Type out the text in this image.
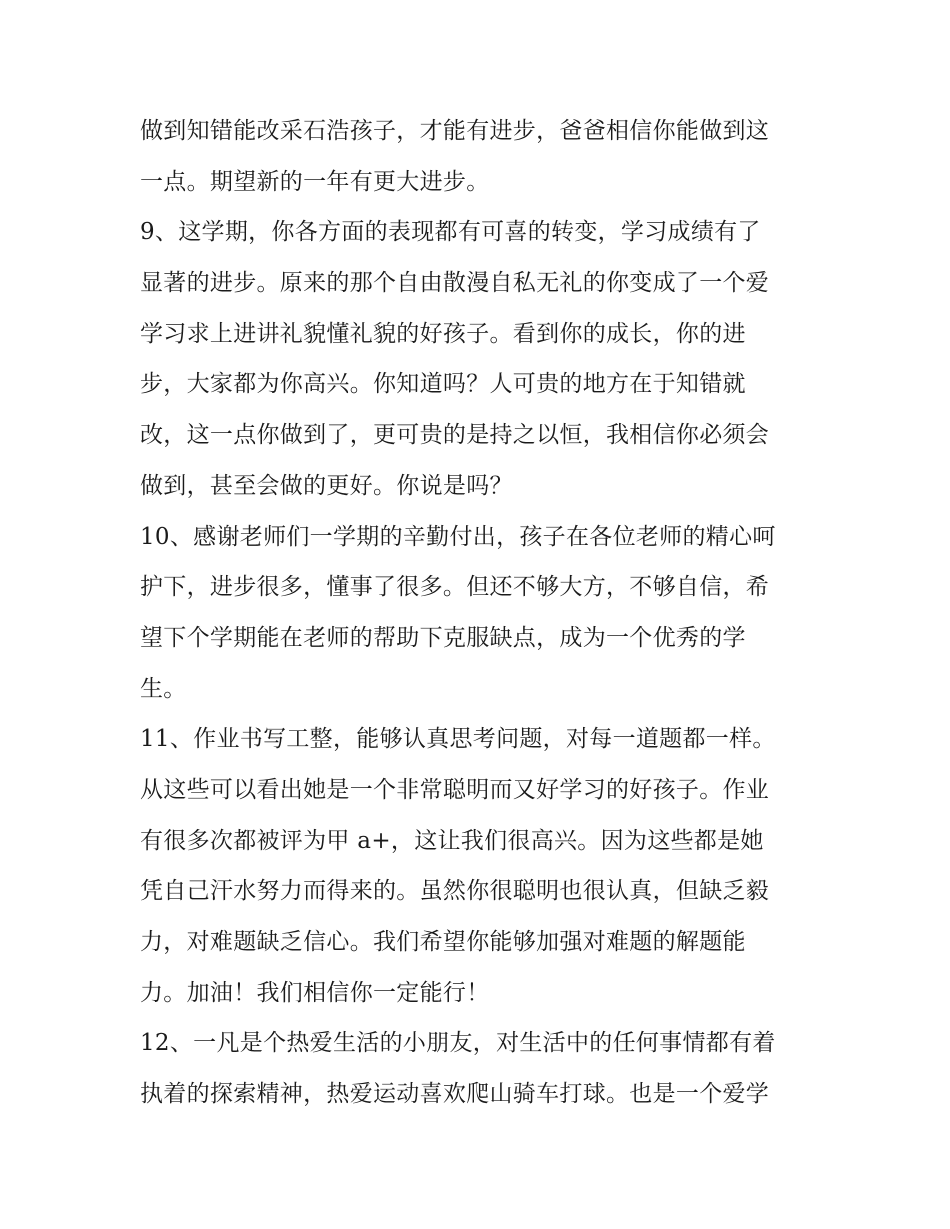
做到知错能改采石浩孩子，才能有进步，爸爸相信你能做到这
一点。期望新的一年有更大进步。
9、这学期，你各方面的表现都有可喜的转变，学习成绩有了
显著的进步。原来的那个自由散漫自私无礼的你变成了一个爱
学习求上进讲礼貌懂礼貌的好孩子。看到你的成长，你的进
步，大家都为你高兴。你知道吗？人可贵的地方在于知错就
改，这一点你做到了，更可贵的是持之以恒，我相信你必须会
做到，甚至会做的更好。你说是吗？
10、感谢老师们一学期的辛勤付出，孩子在各位老师的精心呵
护下，进步很多，懂事了很多。但还不够大方，不够自信，希
望下个学期能在老师的帮助下克服缺点，成为一个优秀的学
生。
11、作业书写工整，能够认真思考问题，对每一道题都一样。
从这些可以看出她是一个非常聪明而又好学习的好孩子。作业
有很多次都被评为甲 a+，这让我们很高兴。因为这些都是她
凭自己汗水努力而得来的。虽然你很聪明也很认真，但缺乏毅
力，对难题缺乏信心。我们希望你能够加强对难题的解题能
力。加油！我们相信你一定能行！
12、一凡是个热爱生活的小朋友，对生活中的任何事情都有着
执着的探索精神，热爱运动喜欢爬山骑车打球。也是一个爱学
